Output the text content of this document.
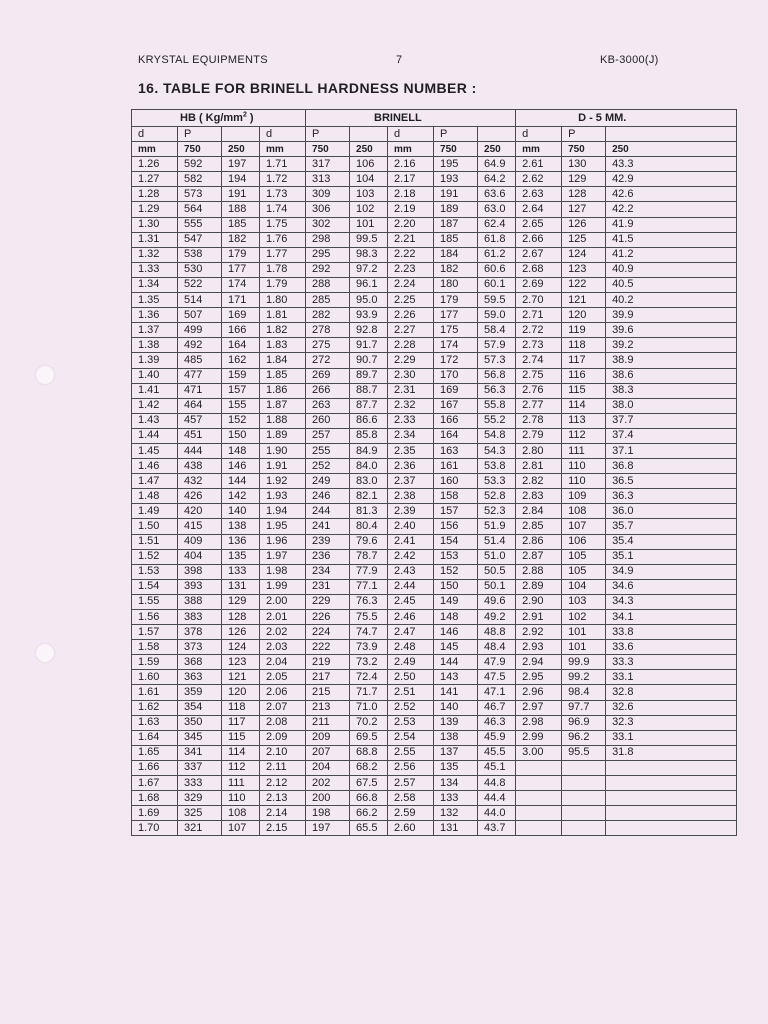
KRYSTAL EQUIPMENTS	7	KB-3000(J)
16. TABLE FOR BRINELL HARDNESS NUMBER :
HB ( $Kg/mm^2$ )				BRINELL					D - 5 MM.		
d	P		d	P		d	P		d	P	
mm	750	250	mm	750	250	mm	750	250	mm	750	250
1.26	592	197	1.71	317	106	2.16	195	64.9	2.61	130	43.3
1.27	582	194	1.72	313	104	2.17	193	64.2	2.62	129	42.9
1.28	573	191	1.73	309	103	2.18	191	63.6	2.63	128	42.6
1.29	564	188	1.74	306	102	2.19	189	63.0	2.64	127	42.2
1.30	555	185	1.75	302	101	2.20	187	62.4	2.65	126	41.9
1.31	547	182	1.76	298	99.5	2.21	185	61.8	2.66	125	41.5
1.32	538	179	1.77	295	98.3	2.22	184	61.2	2.67	124	41.2
1.33	530	177	1.78	292	97.2	2.23	182	60.6	2.68	123	40.9
1.34	522	174	1.79	288	96.1	2.24	180	60.1	2.69	122	40.5
1.35	514	171	1.80	285	95.0	2.25	179	59.5	2.70	121	40.2
1.36	507	169	1.81	282	93.9	2.26	177	59.0	2.71	120	39.9
1.37	499	166	1.82	278	92.8	2.27	175	58.4	2.72	119	39.6
1.38	492	164	1.83	275	91.7	2.28	174	57.9	2.73	118	39.2
1.39	485	162	1.84	272	90.7	2.29	172	57.3	2.74	117	38.9
1.40	477	159	1.85	269	89.7	2.30	170	56.8	2.75	116	38.6
1.41	471	157	1.86	266	88.7	2.31	169	56.3	2.76	115	38.3
1.42	464	155	1.87	263	87.7	2.32	167	55.8	2.77	114	38.0
1.43	457	152	1.88	260	86.6	2.33	166	55.2	2.78	113	37.7
1.44	451	150	1.89	257	85.8	2.34	164	54.8	2.79	112	37.4
1.45	444	148	1.90	255	84.9	2.35	163	54.3	2.80	111	37.1
1.46	438	146	1.91	252	84.0	2.36	161	53.8	2.81	110	36.8
1.47	432	144	1.92	249	83.0	2.37	160	53.3	2.82	110	36.5
1.48	426	142	1.93	246	82.1	2.38	158	52.8	2.83	109	36.3
1.49	420	140	1.94	244	81.3	2.39	157	52.3	2.84	108	36.0
1.50	415	138	1.95	241	80.4	2.40	156	51.9	2.85	107	35.7
1.51	409	136	1.96	239	79.6	2.41	154	51.4	2.86	106	35.4
1.52	404	135	1.97	236	78.7	2.42	153	51.0	2.87	105	35.1
1.53	398	133	1.98	234	77.9	2.43	152	50.5	2.88	105	34.9
1.54	393	131	1.99	231	77.1	2.44	150	50.1	2.89	104	34.6
1.55	388	129	2.00	229	76.3	2.45	149	49.6	2.90	103	34.3
1.56	383	128	2.01	226	75.5	2.46	148	49.2	2.91	102	34.1
1.57	378	126	2.02	224	74.7	2.47	146	48.8	2.92	101	33.8
1.58	373	124	2.03	222	73.9	2.48	145	48.4	2.93	101	33.6
1.59	368	123	2.04	219	73.2	2.49	144	47.9	2.94	99.9	33.3
1.60	363	121	2.05	217	72.4	2.50	143	47.5	2.95	99.2	33.1
1.61	359	120	2.06	215	71.7	2.51	141	47.1	2.96	98.4	32.8
1.62	354	118	2.07	213	71.0	2.52	140	46.7	2.97	97.7	32.6
1.63	350	117	2.08	211	70.2	2.53	139	46.3	2.98	96.9	32.3
1.64	345	115	2.09	209	69.5	2.54	138	45.9	2.99	96.2	33.1
1.65	341	114	2.10	207	68.8	2.55	137	45.5	3.00	95.5	31.8
1.66	337	112	2.11	204	68.2	2.56	135	45.1			
1.67	333	111	2.12	202	67.5	2.57	134	44.8			
1.68	329	110	2.13	200	66.8	2.58	133	44.4			
1.69	325	108	2.14	198	66.2	2.59	132	44.0			
1.70	321	107	2.15	197	65.5	2.60	131	43.7			
